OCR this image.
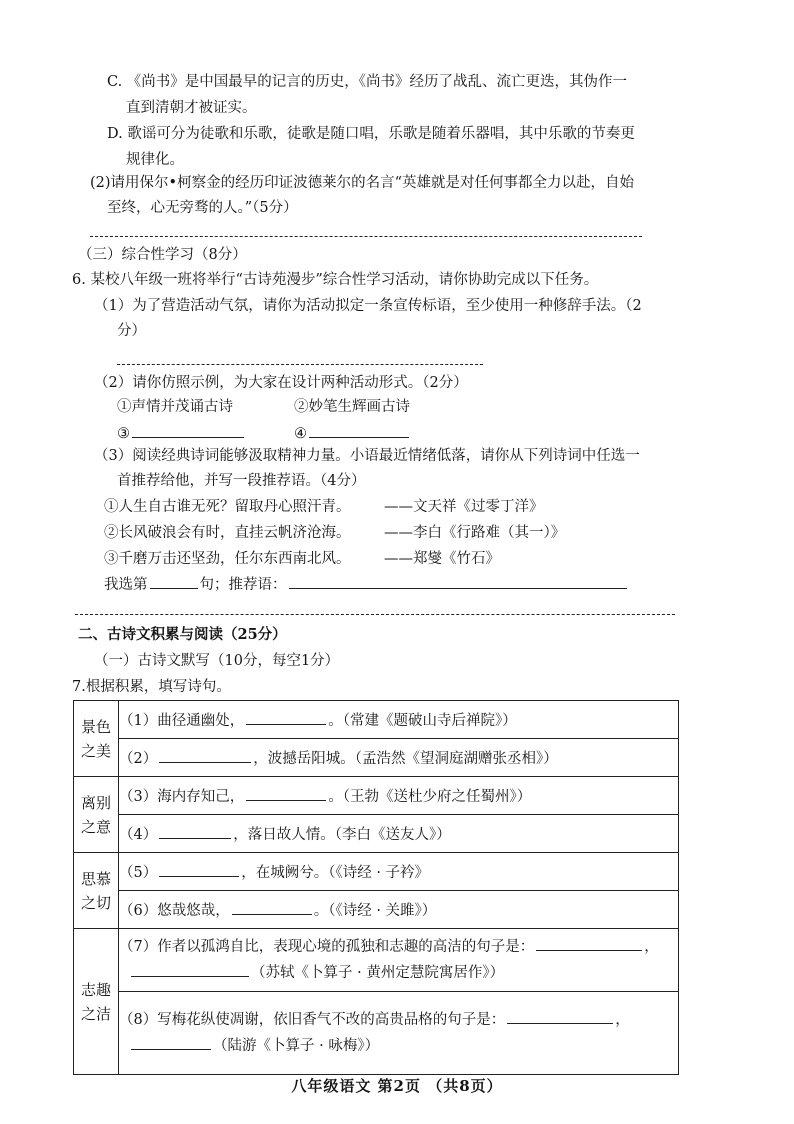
C. 《尚书》是中国最早的记言的历史，《尚书》经历了战乱、流亡更迭，其伪作一
直到清朝才被证实。
D. 歌谣可分为徒歌和乐歌，徒歌是随口唱，乐歌是随着乐器唱，其中乐歌的节奏更
规律化。
(2)请用保尔•柯察金的经历印证波德莱尔的名言“英雄就是对任何事都全力以赴，自始
至终，心无旁骛的人。”（5分）
（三）综合性学习（8分）
6. 某校八年级一班将举行“古诗苑漫步”综合性学习活动，请你协助完成以下任务。
（1）为了营造活动气氛，请你为活动拟定一条宣传标语，至少使用一种修辞手法。（2
分）
（2）请你仿照示例，为大家在设计两种活动形式。（2分）
①声情并茂诵古诗	②妙笔生辉画古诗
③	④
（3）阅读经典诗词能够汲取精神力量。小语最近情绪低落，请你从下列诗词中任选一
首推荐给他，并写一段推荐语。（4分）
①人生自古谁无死？留取丹心照汗青。 ——文天祥《过零丁洋》
②长风破浪会有时，直挂云帆济沧海。 ——李白《行路难（其一）》
③千磨万击还坚劲，任尔东西南北风。 ——郑燮《竹石》
我选第	句；推荐语：
二、古诗文积累与阅读（25分）
（一）古诗文默写（10分，每空1分）
7.根据积累，填写诗句。
景色之美	（1）曲径通幽处， 。（常建《题破山寺后禅院》）
	（2） ，波撼岳阳城。（孟浩然《望洞庭湖赠张丞相》）
离别之意	（3）海内存知己， 。（王勃《送杜少府之任蜀州》）
	（4） ，落日故人情。（李白《送友人》）
思慕之切	（5） ，在城阙兮。（《诗经 · 子衿》
	（6）悠哉悠哉， 。（《诗经 · 关雎》）
志趣之洁	（7）作者以孤鸿自比，表现心境的孤独和志趣的高洁的句子是： ，
（苏轼《卜算子 · 黄州定慧院寓居作》）

	（8）写梅花纵使凋谢，依旧香气不改的高贵品格的句子是： ，
（陆游《卜算子 · 咏梅》）
八年级语文 第2页 （共8页）
